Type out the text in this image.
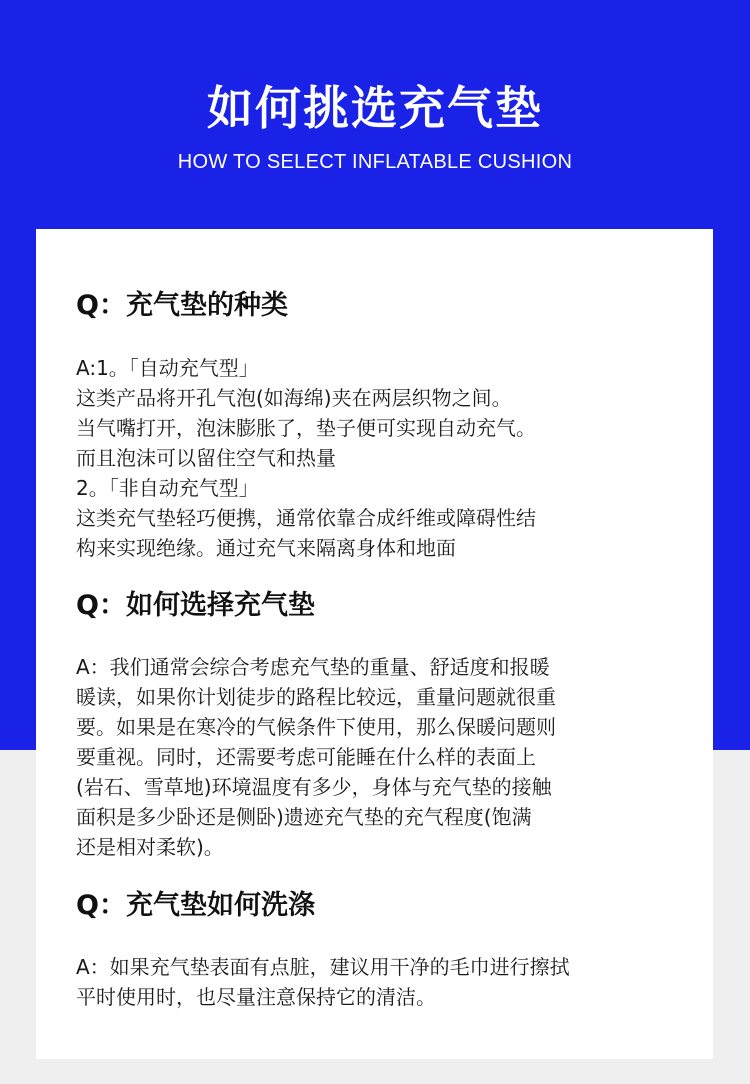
如何挑选充气垫
HOW TO SELECT INFLATABLE CUSHION
Q：充气垫的种类
A:1。「自动充气型」
这类产品将开孔气泡(如海绵)夹在两层织物之间。
当气嘴打开，泡沫膨胀了，垫子便可实现自动充气。
而且泡沫可以留住空气和热量
2。「非自动充气型」
这类充气垫轻巧便携，通常依靠合成纤维或障碍性结
构来实现绝缘。通过充气来隔离身体和地面
Q：如何选择充气垫
A：我们通常会综合考虑充气垫的重量、舒适度和报暖
暖读，如果你计划徒步的路程比较远，重量问题就很重
要。如果是在寒冷的气候条件下使用，那么保暖问题则
要重视。同时，还需要考虑可能睡在什么样的表面上
(岩石、雪草地)环境温度有多少，身体与充气垫的接触
面积是多少卧还是侧卧)遗迹充气垫的充气程度(饱满
还是相对柔软)。
Q：充气垫如何洗涤
A：如果充气垫表面有点脏，建议用干净的毛巾进行擦拭
平时使用时，也尽量注意保持它的清洁。
